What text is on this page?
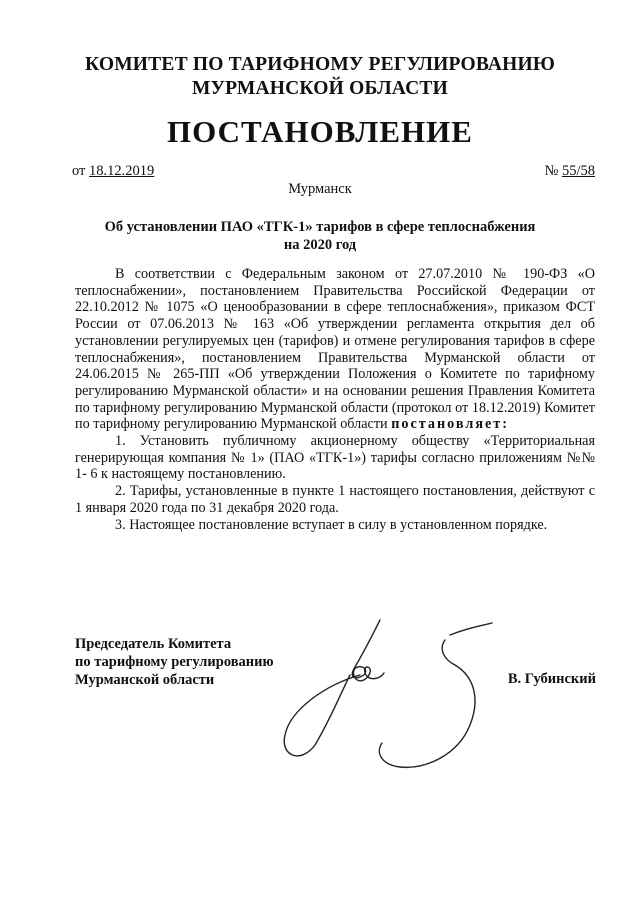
КОМИТЕТ ПО ТАРИФНОМУ РЕГУЛИРОВАНИЮ
МУРМАНСКОЙ ОБЛАСТИ
ПОСТАНОВЛЕНИЕ
от 18.12.2019	№ 55/58
Мурманск
Об установлении ПАО «ТГК-1» тарифов в сфере теплоснабжения
на 2020 год

В соответствии с Федеральным законом от 27.07.2010 № 190-ФЗ «О теплоснабжении», постановлением Правительства Российской Федерации от 22.10.2012 № 1075 «О ценообразовании в сфере теплоснабжения», приказом ФСТ России от 07.06.2013 № 163 «Об утверждении регламента открытия дел об установлении регулируемых цен (тарифов) и отмене регулирования тарифов в сфере теплоснабжения», постановлением Правительства Мурманской области от 24.06.2015 № 265-ПП «Об утверждении Положения о Комитете по тарифному регулированию Мурманской области» и на основании решения Правления Комитета по тарифному регулированию Мурманской области (протокол от 18.12.2019) Комитет по тарифному регулированию Мурманской области постановляет:

1. Установить публичному акционерному обществу «Территориальная генерирующая компания № 1» (ПАО «ТГК-1») тарифы согласно приложениям №№ 1- 6 к настоящему постановлению.

2. Тарифы, установленные в пункте 1 настоящего постановления, действуют с 1 января 2020 года по 31 декабря 2020 года.

3. Настоящее постановление вступает в силу в установленном порядке.

Председатель Комитета
по тарифному регулированию
Мурманской области	В. Губинский
